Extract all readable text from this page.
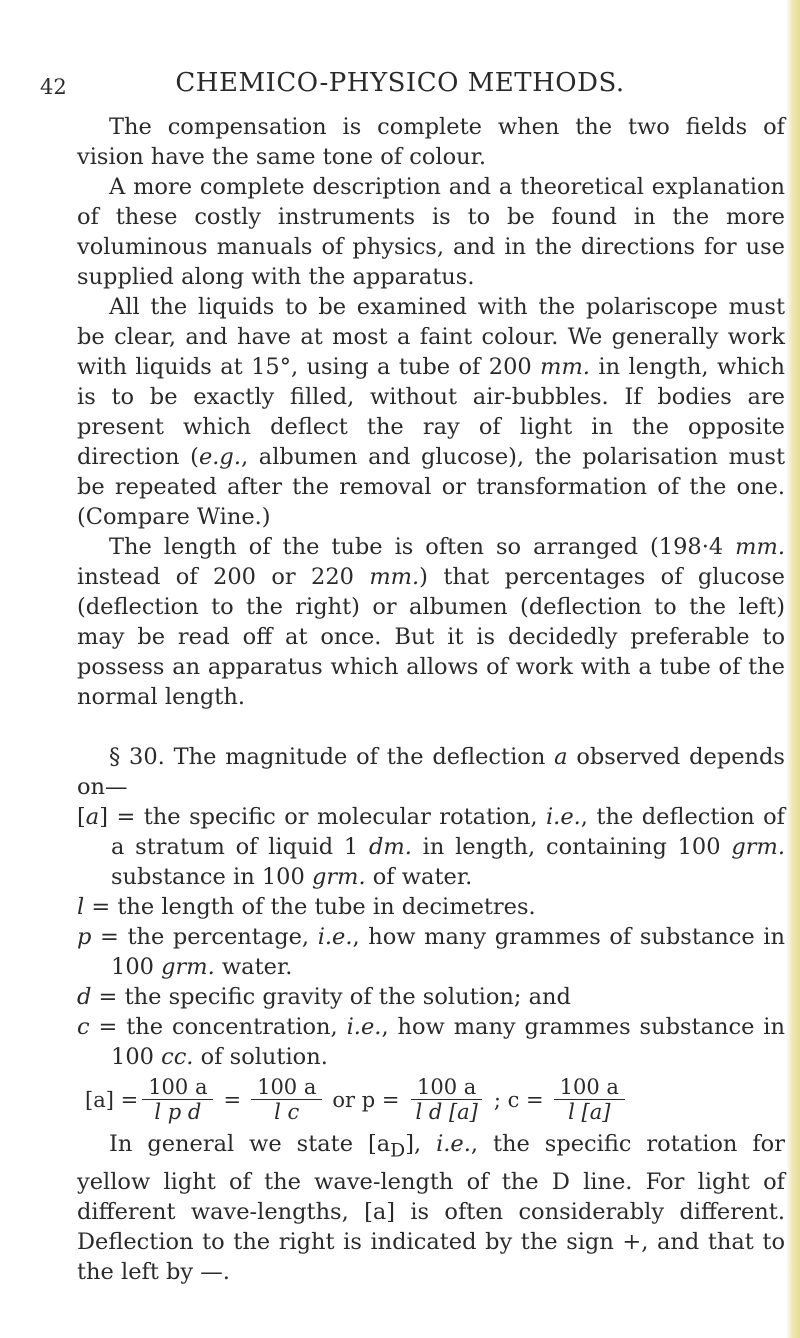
42	CHEMICO-PHYSICO METHODS.

The compensation is complete when the two fields of vision have the same tone of colour.

A more complete description and a theoretical explanation of these costly instruments is to be found in the more voluminous manuals of physics, and in the directions for use supplied along with the apparatus.

All the liquids to be examined with the polariscope must be clear, and have at most a faint colour. We generally work with liquids at 15°, using a tube of 200 mm. in length, which is to be exactly filled, without air-bubbles. If bodies are present which deflect the ray of light in the opposite direction (e.g., albumen and glucose), the polarisation must be repeated after the removal or transformation of the one. (Compare Wine.)

The length of the tube is often so arranged (198·4 mm. instead of 200 or 220 mm.) that percentages of glucose (deflection to the right) or albumen (deflection to the left) may be read off at once. But it is decidedly preferable to possess an apparatus which allows of work with a tube of the normal length.

§ 30. The magnitude of the deflection a observed depends on—

[a] = the specific or molecular rotation, i.e., the deflection of a stratum of liquid 1 dm. in length, containing 100 grm. substance in 100 grm. of water.

l = the length of the tube in decimetres.

p = the percentage, i.e., how many grammes of substance in 100 grm. water.

d = the specific gravity of the solution; and

c = the concentration, i.e., how many grammes substance in 100 cc. of solution.

$[a] = \frac{100 a}{\text{l p d}} = \frac{100 a}{\text{l c}}$ or $p = \frac{100 a}{\text{l d [a]}}$ ; $c = \frac{100 a}{l [a]}$

In general we state $[a_D]$, i.e., the specific rotation for yellow light of the wave-length of the D line. For light of different wave-lengths, [a] is often considerably different. Deflection to the right is indicated by the sign +, and that to the left by —.
